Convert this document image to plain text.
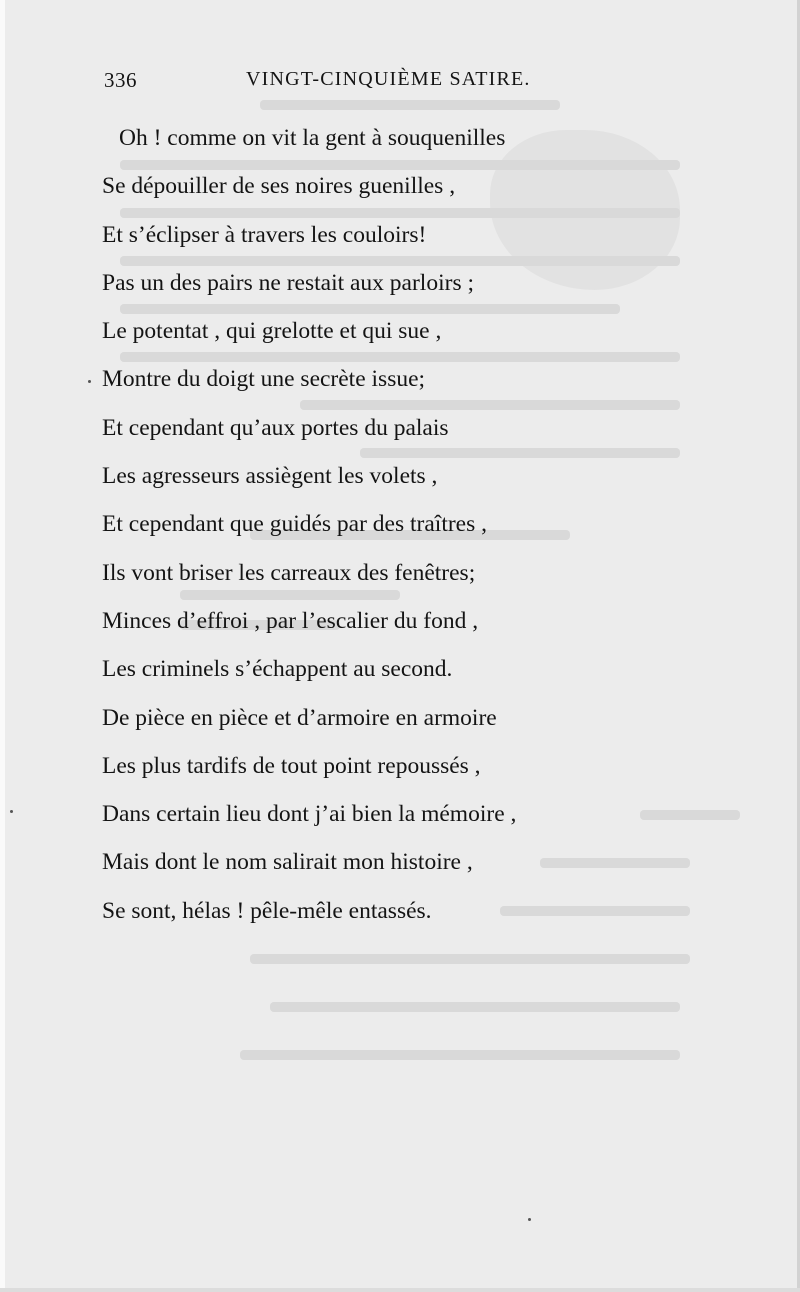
336	VINGT-CINQUIÈME SATIRE.
Oh ! comme on vit la gent à souquenilles
Se dépouiller de ses noires guenilles ,
Et s’éclipser à travers les couloirs!
Pas un des pairs ne restait aux parloirs ;
Le potentat , qui grelotte et qui sue ,
Montre du doigt une secrète issue;
Et cependant qu’aux portes du palais
Les agresseurs assiègent les volets ,
Et cependant que guidés par des traîtres ,
Ils vont briser les carreaux des fenêtres;
Minces d’effroi , par l’escalier du fond ,
Les criminels s’échappent au second.
De pièce en pièce et d’armoire en armoire
Les plus tardifs de tout point repoussés ,
Dans certain lieu dont j’ai bien la mémoire ,
Mais dont le nom salirait mon histoire ,
Se sont, hélas ! pêle-mêle entassés.
